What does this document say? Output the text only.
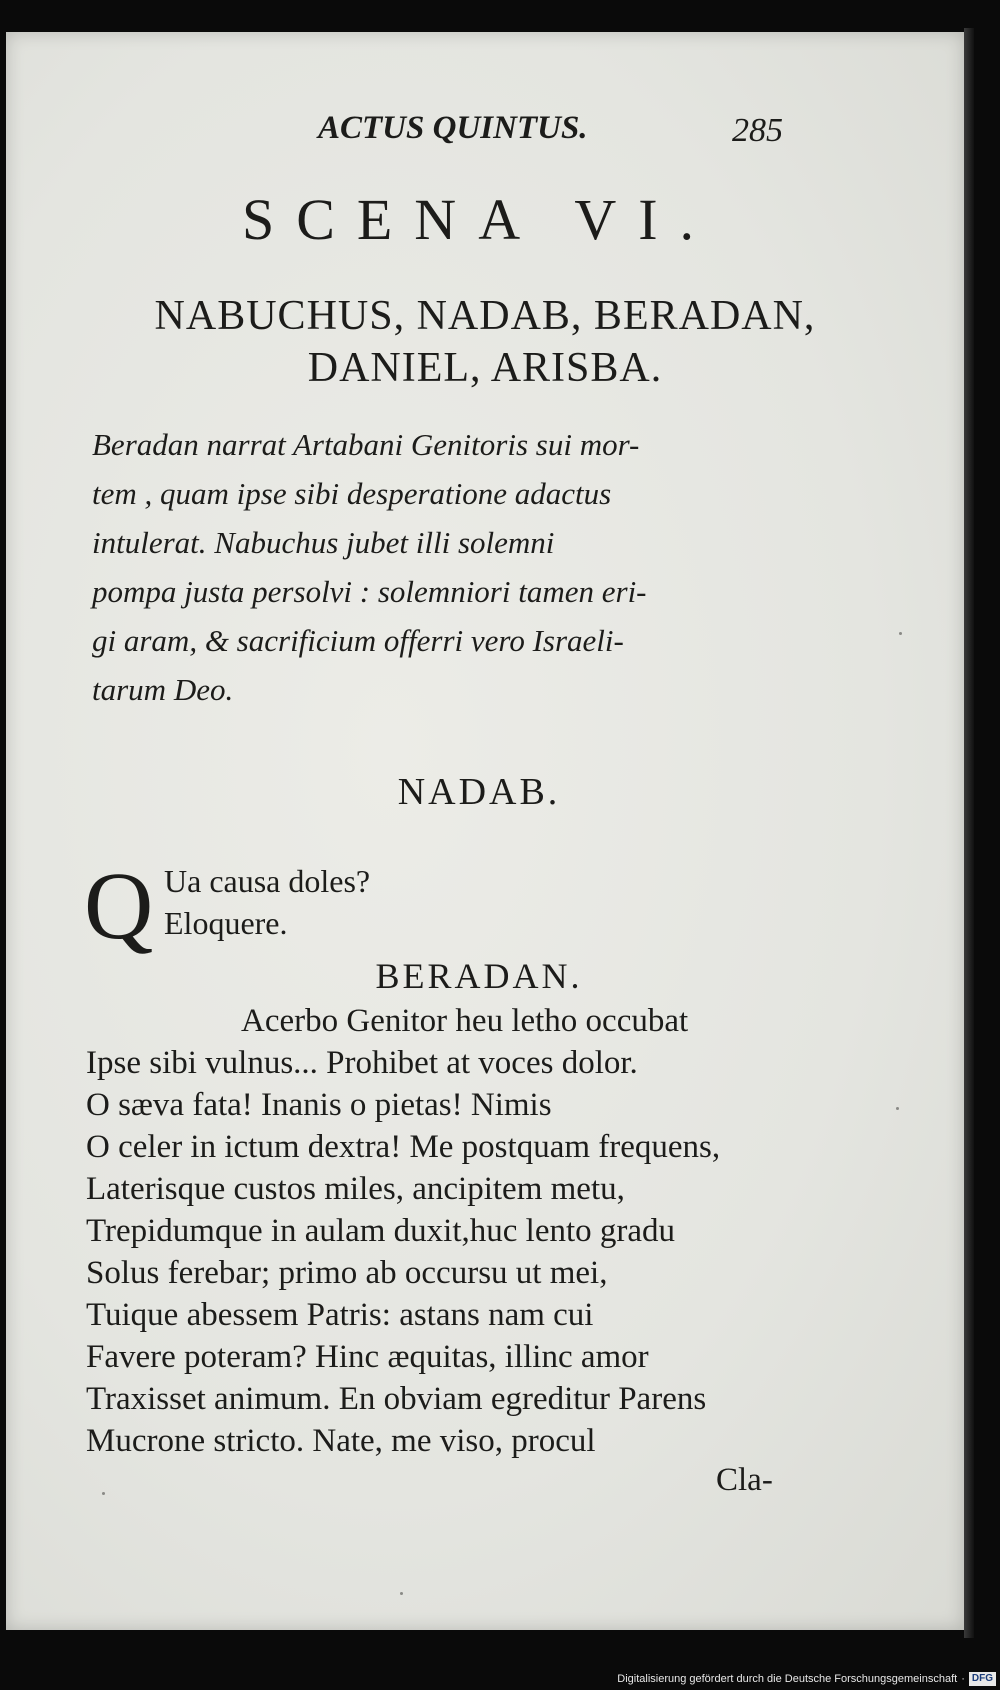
ACTUS QUINTUS.	285
SCENA VI.
NABUCHUS, NADAB, BERADAN,
DANIEL, ARISBA.
Beradan narrat Artabani Genitoris sui mor-
tem , quam ipse sibi desperatione adactus
intulerat. Nabuchus jubet illi solemni
pompa justa persolvi : solemniori tamen eri-
gi aram, & sacrificium offerri vero Israeli-
tarum Deo.
NADAB.
Q Ua causa doles?
Eloquere.
BERADAN.
Acerbo Genitor heu letho occubat
Ipse sibi vulnus... Prohibet at voces dolor.
O sæva fata! Inanis o pietas! Nimis
O celer in ictum dextra! Me postquam frequens,
Laterisque custos miles, ancipitem metu,
Trepidumque in aulam duxit,huc lento gradu
Solus ferebar; primo ab occursu ut mei,
Tuique abessem Patris: astans nam cui
Favere poteram? Hinc æquitas, illinc amor
Traxisset animum. En obviam egreditur Parens
Mucrone stricto. Nate, me viso, procul
Cla-
Digitalisierung gefördert durch die Deutsche Forschungsgemeinschaft · DFG
